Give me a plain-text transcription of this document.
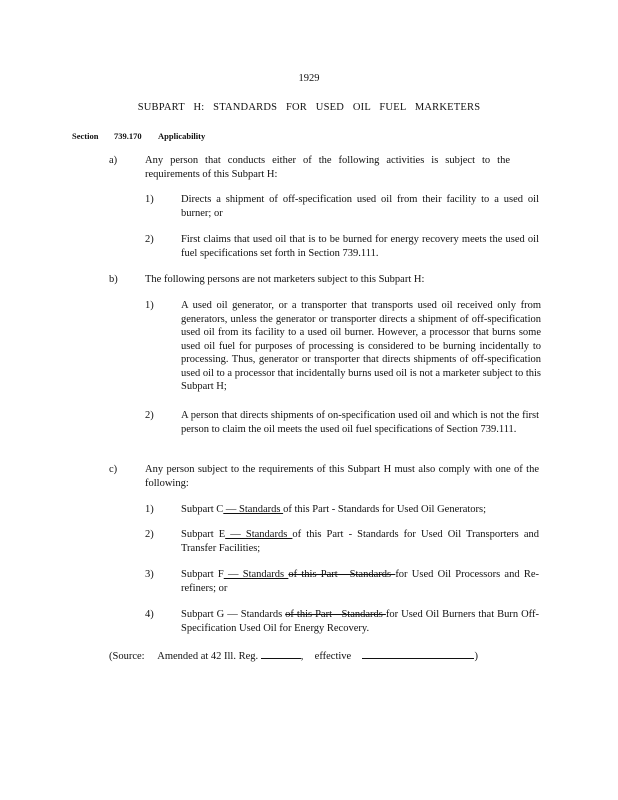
1929
SUBPART H: STANDARDS FOR USED OIL FUEL MARKETERS
Section 739.170 Applicability
a)	Any person that conducts either of the following activities is subject to the requirements of this Subpart H:
1)	Directs a shipment of off-specification used oil from their facility to a used oil burner; or
2)	First claims that used oil that is to be burned for energy recovery meets the used oil fuel specifications set forth in Section 739.111.
b)	The following persons are not marketers subject to this Subpart H:
1)	A used oil generator, or a transporter that transports used oil received only from generators, unless the generator or transporter directs a shipment of off-specification used oil from its facility to a used oil burner. However, a processor that burns some used oil fuel for purposes of processing is considered to be burning incidentally to processing. Thus, generator or transporter that directs shipments of off-specification used oil to a processor that incidentally burns used oil is not a marketer subject to this Subpart H;
2)	A person that directs shipments of on-specification used oil and which is not the first person to claim the oil meets the used oil fuel specifications of Section 739.111.
c)	Any person subject to the requirements of this Subpart H must also comply with one of the following:
1)	Subpart C — Standards of this Part - Standards for Used Oil Generators;
2)	Subpart E — Standards of this Part - Standards for Used Oil Transporters and Transfer Facilities;
3)	Subpart F — Standards of this Part - Standards for Used Oil Processors and Re-refiners; or
4)	Subpart G — Standards of this Part - Standards for Used Oil Burners that Burn Off-Specification Used Oil for Energy Recovery.
(Source: Amended at 42 Ill. Reg.	,  effective	)
